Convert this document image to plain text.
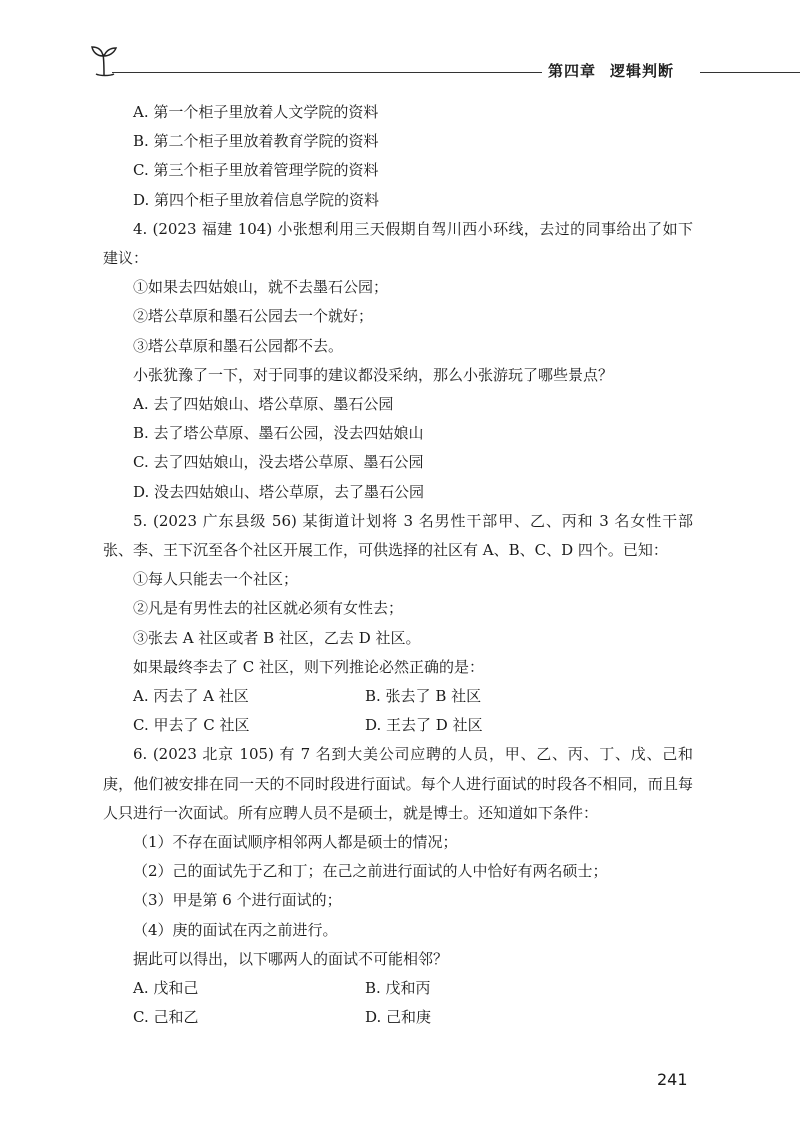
第四章 逻辑判断
A. 第一个柜子里放着人文学院的资料
B. 第二个柜子里放着教育学院的资料
C. 第三个柜子里放着管理学院的资料
D. 第四个柜子里放着信息学院的资料
4. (2023 福建 104) 小张想利用三天假期自驾川西小环线，去过的同事给出了如下建议：
①如果去四姑娘山，就不去墨石公园；
②塔公草原和墨石公园去一个就好；
③塔公草原和墨石公园都不去。
小张犹豫了一下，对于同事的建议都没采纳，那么小张游玩了哪些景点？
A. 去了四姑娘山、塔公草原、墨石公园
B. 去了塔公草原、墨石公园，没去四姑娘山
C. 去了四姑娘山，没去塔公草原、墨石公园
D. 没去四姑娘山、塔公草原，去了墨石公园
5. (2023 广东县级 56) 某街道计划将 3 名男性干部甲、乙、丙和 3 名女性干部张、李、王下沉至各个社区开展工作，可供选择的社区有 A、B、C、D 四个。已知：
①每人只能去一个社区；
②凡是有男性去的社区就必须有女性去；
③张去 A 社区或者 B 社区，乙去 D 社区。
如果最终李去了 C 社区，则下列推论必然正确的是：
A. 丙去了 A 社区	B. 张去了 B 社区
C. 甲去了 C 社区	D. 王去了 D 社区
6. (2023 北京 105) 有 7 名到大美公司应聘的人员，甲、乙、丙、丁、戊、己和庚，他们被安排在同一天的不同时段进行面试。每个人进行面试的时段各不相同，而且每人只进行一次面试。所有应聘人员不是硕士，就是博士。还知道如下条件：
（1）不存在面试顺序相邻两人都是硕士的情况；
（2）己的面试先于乙和丁；在己之前进行面试的人中恰好有两名硕士；
（3）甲是第 6 个进行面试的；
（4）庚的面试在丙之前进行。
据此可以得出，以下哪两人的面试不可能相邻？
A. 戊和己	B. 戊和丙
C. 己和乙	D. 己和庚
241
